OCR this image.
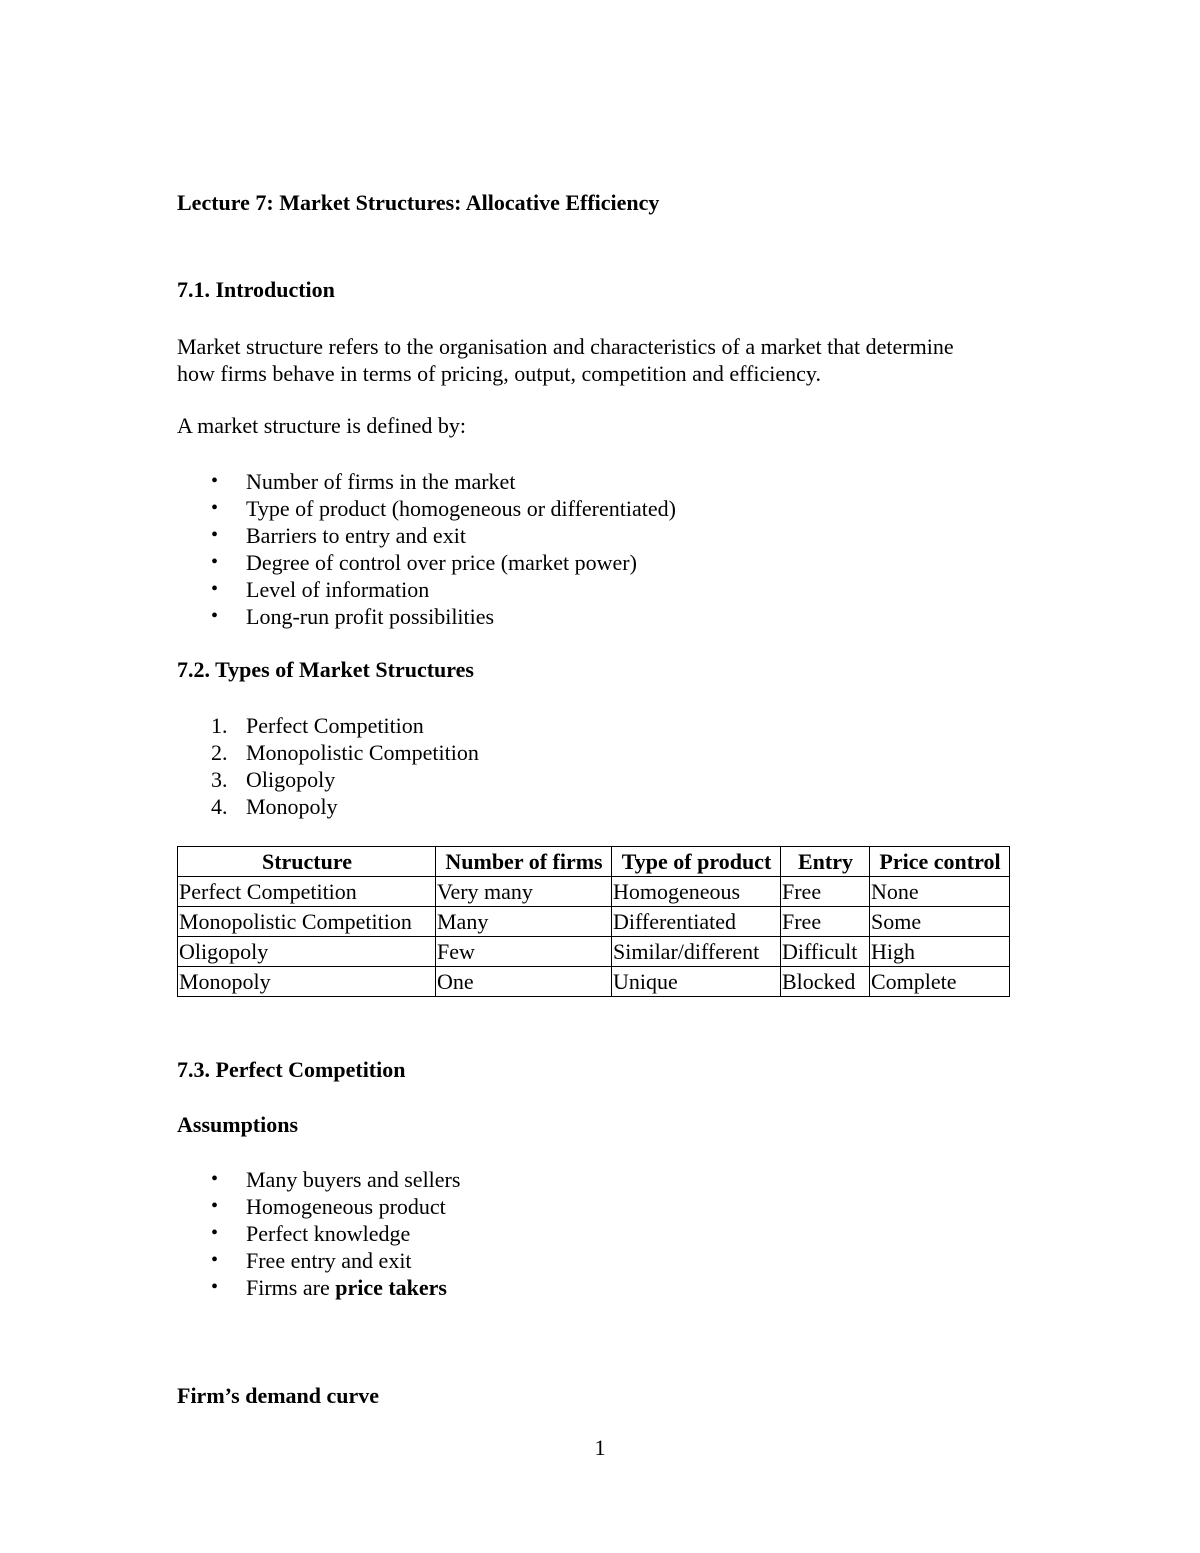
Lecture 7: Market Structures: Allocative Efficiency
7.1. Introduction
Market structure refers to the organisation and characteristics of a market that determine
how firms behave in terms of pricing, output, competition and efficiency.
A market structure is defined by:
• Number of firms in the market
• Type of product (homogeneous or differentiated)
• Barriers to entry and exit
• Degree of control over price (market power)
• Level of information
• Long-run profit possibilities
7.2. Types of Market Structures
1. Perfect Competition
2. Monopolistic Competition
3. Oligopoly
4. Monopoly
Structure	Number of firms	Type of product	Entry	Price control
Perfect Competition	Very many	Homogeneous	Free	None
Monopolistic Competition	Many	Differentiated	Free	Some
Oligopoly	Few	Similar/different	Difficult	High
Monopoly	One	Unique	Blocked	Complete
7.3. Perfect Competition
Assumptions
• Many buyers and sellers
• Homogeneous product
• Perfect knowledge
• Free entry and exit
• Firms are price takers
Firm’s demand curve
1
